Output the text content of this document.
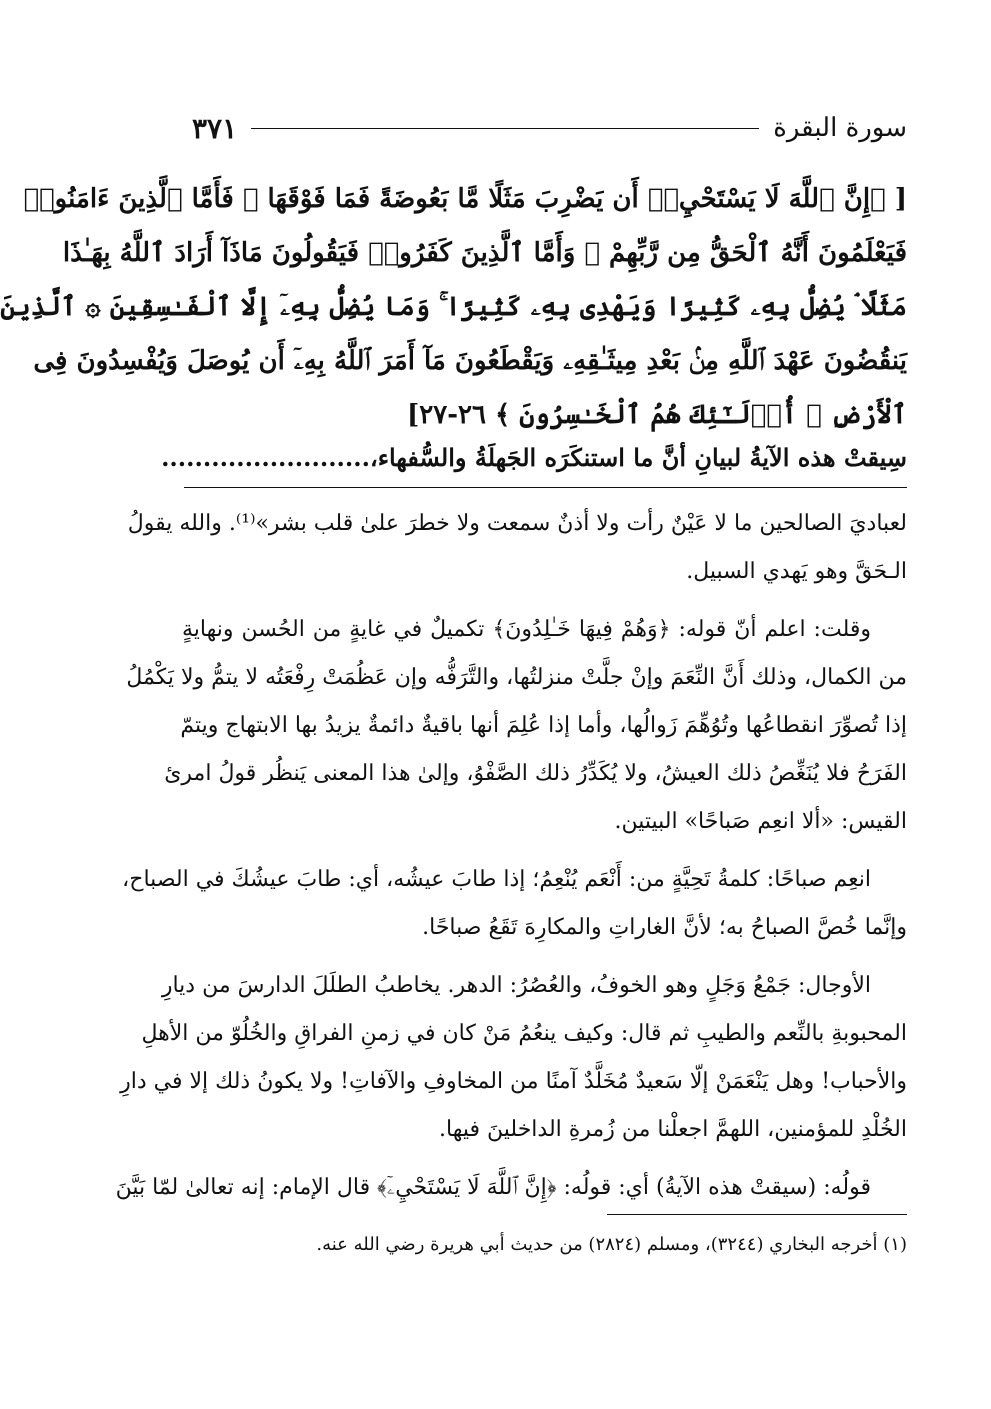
سورة البقرة
٣٧١
[ ﴿إِنَّ ٱللَّهَ لَا يَسْتَحْيِۦٓ أَن يَضْرِبَ مَثَلًا مَّا بَعُوضَةً فَمَا فَوْقَهَا ۚ فَأَمَّا ٱلَّذِينَ ءَامَنُوا۟
فَيَعْلَمُونَ أَنَّهُ ٱلْحَقُّ مِن رَّبِّهِمْ ۖ وَأَمَّا ٱلَّذِينَ كَفَرُوا۟ فَيَقُولُونَ مَاذَآ أَرَادَ ٱللَّهُ بِهَـٰذَا
مَثَلًا ۘ يُضِلُّ بِهِۦ كَثِيرًا وَيَهْدِى بِهِۦ كَثِيرًا ۚ وَمَا يُضِلُّ بِهِۦٓ إِلَّا ٱلْفَـٰسِقِينَ ۞ ٱلَّذِينَ
يَنقُضُونَ عَهْدَ ٱللَّهِ مِنۢ بَعْدِ مِيثَـٰقِهِۦ وَيَقْطَعُونَ مَآ أَمَرَ ٱللَّهُ بِهِۦٓ أَن يُوصَلَ وَيُفْسِدُونَ فِى
ٱلْأَرْضِ ۚ أُو۟لَـٰٓئِكَ هُمُ ٱلْخَـٰسِرُونَ ﴾ ٢٦-٢٧]
سِيقتْ هذه الآيةُ لبيانِ أنَّ ما استنكَرَه الجَهلَةُ والسُّفهاء،.........................
لعباديَ الصالحين ما لا عَيْنٌ رأت ولا أذنٌ سمعت ولا خطرَ علىٰ قلب بشر»⁽¹⁾. والله يقولُ
الـحَقَّ وهو يَهدي السبيل.
وقلت: اعلم أنّ قوله: ﴿وَهُمْ فِيهَا خَـٰلِدُونَ﴾ تكميلٌ في غايةٍ من الحُسن ونهايةٍ
من الكمال، وذلك أَنَّ النِّعَمَ وإنْ جلَّتْ منزلتُها، والتَّرَفُّه وإن عَظُمَتْ رِفْعَتُه لا يتمُّ ولا يَكْمُلُ
إذا تُصوِّرَ انقطاعُها وتُوُهِّمَ زَوالُها، وأما إذا عُلِمَ أنها باقيةٌ دائمةٌ يزيدُ بها الابتهاج ويتمّ
الفَرَحُ فلا يُنَغِّصُ ذلك العيشُ، ولا يُكَدِّرُ ذلك الصَّفْوُ، وإلىٰ هذا المعنى يَنظُر قولُ امرئ
القيس: «ألا انعِم صَباحًا» البيتين.
انعِم صباحًا: كلمةُ تَحِيَّةٍ من: أَنْعَم يُنْعِمُ؛ إذا طابَ عيشُه، أي: طابَ عيشُكَ في الصباح،
وإنَّما خُصَّ الصباحُ به؛ لأنَّ الغاراتِ والمكارِهَ تَقَعُ صباحًا.
الأوجال: جَمْعُ وَجَلٍ وهو الخوفُ، والعُصُرُ: الدهر. يخاطبُ الطلَلَ الدارسَ من ديارِ
المحبوبةِ بالنِّعم والطيبِ ثم قال: وكيف ينعُمُ مَنْ كان في زمنِ الفراقِ والخُلُوّ من الأهلِ
والأحباب! وهل يَنْعَمَنْ إلّا سَعيدٌ مُخَلَّدٌ آمنًا من المخاوفِ والآفاتِ! ولا يكونُ ذلك إلا في دارِ
الخُلْدِ للمؤمنين، اللهمَّ اجعلْنا من زُمرةِ الداخلينَ فيها.
قولُه: (سيقتْ هذه الآيةُ) أي: قولُه: ﴿إِنَّ ٱللَّهَ لَا يَسْتَحْيِۦٓ﴾ قال الإمام: إنه تعالىٰ لمّا بَيَّنَ
(١) أخرجه البخاري (٣٢٤٤)، ومسلم (٢٨٢٤) من حديث أبي هريرة رضي الله عنه.
